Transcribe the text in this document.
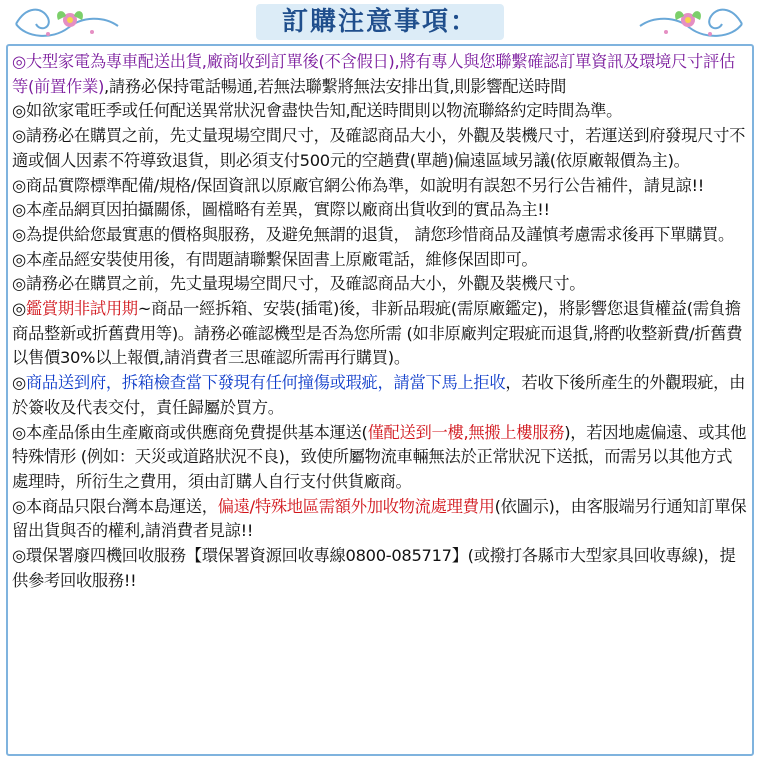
訂購注意事項：

◎大型家電為專車配送出貨,廠商收到訂單後(不含假日),將有專人與您聯繫確認訂單資訊及環境尺寸評估等(前置作業),請務必保持電話暢通,若無法聯繫將無法安排出貨,則影響配送時間

◎如欲家電旺季或任何配送異常狀況會盡快告知,配送時間則以物流聯絡約定時間為準。

◎請務必在購買之前，先丈量現場空間尺寸，及確認商品大小，外觀及裝機尺寸，若運送到府發現尺寸不適或個人因素不符導致退貨，則必須支付500元的空趟費(單趟)偏遠區域另議(依原廠報價為主)。

◎商品實際標準配備/規格/保固資訊以原廠官網公佈為準，如說明有誤恕不另行公告補件，請見諒!!

◎本產品網頁因拍攝關係，圖檔略有差異，實際以廠商出貨收到的實品為主!!

◎為提供給您最實惠的價格與服務，及避免無謂的退貨， 請您珍惜商品及謹慎考慮需求後再下單購買。

◎本產品經安裝使用後，有問題請聯繫保固書上原廠電話，維修保固即可。

◎請務必在購買之前，先丈量現場空間尺寸，及確認商品大小，外觀及裝機尺寸。

◎鑑賞期非試用期~商品一經拆箱、安裝(插電)後，非新品瑕疵(需原廠鑑定)，將影響您退貨權益(需負擔商品整新或折舊費用等)。請務必確認機型是否為您所需 (如非原廠判定瑕疵而退貨,將酌收整新費/折舊費以售價30%以上報價,請消費者三思確認所需再行購買)。

◎商品送到府，拆箱檢查當下發現有任何撞傷或瑕疵，請當下馬上拒收，若收下後所產生的外觀瑕疵，由於簽收及代表交付，責任歸屬於買方。

◎本產品係由生產廠商或供應商免費提供基本運送(僅配送到一樓,無搬上樓服務)，若因地處偏遠、或其他特殊情形 (例如：天災或道路狀況不良)，致使所屬物流車輛無法於正常狀況下送抵，而需另以其他方式處理時，所衍生之費用，須由訂購人自行支付供貨廠商。

◎本商品只限台灣本島運送，偏遠/特殊地區需額外加收物流處理費用(依圖示)，由客服端另行通知訂單保留出貨與否的權利,請消費者見諒!!

◎環保署廢四機回收服務【環保署資源回收專線0800-085717】(或撥打各縣市大型家具回收專線)，提供參考回收服務!!
